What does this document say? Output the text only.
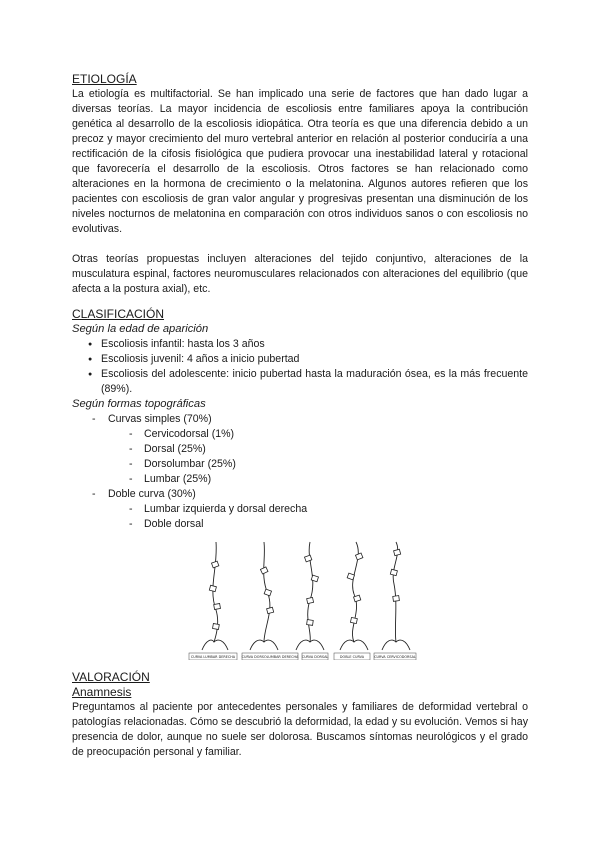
ETIOLOGÍA

La etiología es multifactorial. Se han implicado una serie de factores que han dado lugar a diversas teorías. La mayor incidencia de escoliosis entre familiares apoya la contribución genética al desarrollo de la escoliosis idiopática. Otra teoría es que una diferencia debido a un precoz y mayor crecimiento del muro vertebral anterior en relación al posterior conduciría a una rectificación de la cifosis fisiológica que pudiera provocar una inestabilidad lateral y rotacional que favorecería el desarrollo de la escoliosis. Otros factores se han relacionado como alteraciones en la hormona de crecimiento o la melatonina. Algunos autores refieren que los pacientes con escoliosis de gran valor angular y progresivas presentan una disminución de los niveles nocturnos de melatonina en comparación con otros individuos sanos o con escoliosis no evolutivas.

Otras teorías propuestas incluyen alteraciones del tejido conjuntivo, alteraciones de la musculatura espinal, factores neuromusculares relacionados con alteraciones del equilibrio (que afecta a la postura axial), etc.

CLASIFICACIÓN

Según la edad de aparición

● Escoliosis infantil: hasta los 3 años
● Escoliosis juvenil: 4 años a inicio pubertad
● Escoliosis del adolescente: inicio pubertad hasta la maduración ósea, es la más frecuente (89%).

Según formas topográficas

- Curvas simples (70%)
- Cervicodorsal (1%)
- Dorsal (25%)
- Dorsolumbar (25%)
- Lumbar (25%)
- Doble curva (30%)
- Lumbar izquierda y dorsal derecha
- Doble dorsal
CURVA LUMBAR DERECHA CURVA DORSOLUMBAR DERECHA CURVA DORSAL	DOBLE CURVA	CURVA CERVICODORSAL

VALORACIÓN

Anamnesis

Preguntamos al paciente por antecedentes personales y familiares de deformidad vertebral o patologías relacionadas. Cómo se descubrió la deformidad, la edad y su evolución. Vemos si hay presencia de dolor, aunque no suele ser dolorosa. Buscamos síntomas neurológicos y el grado de preocupación personal y familiar.
